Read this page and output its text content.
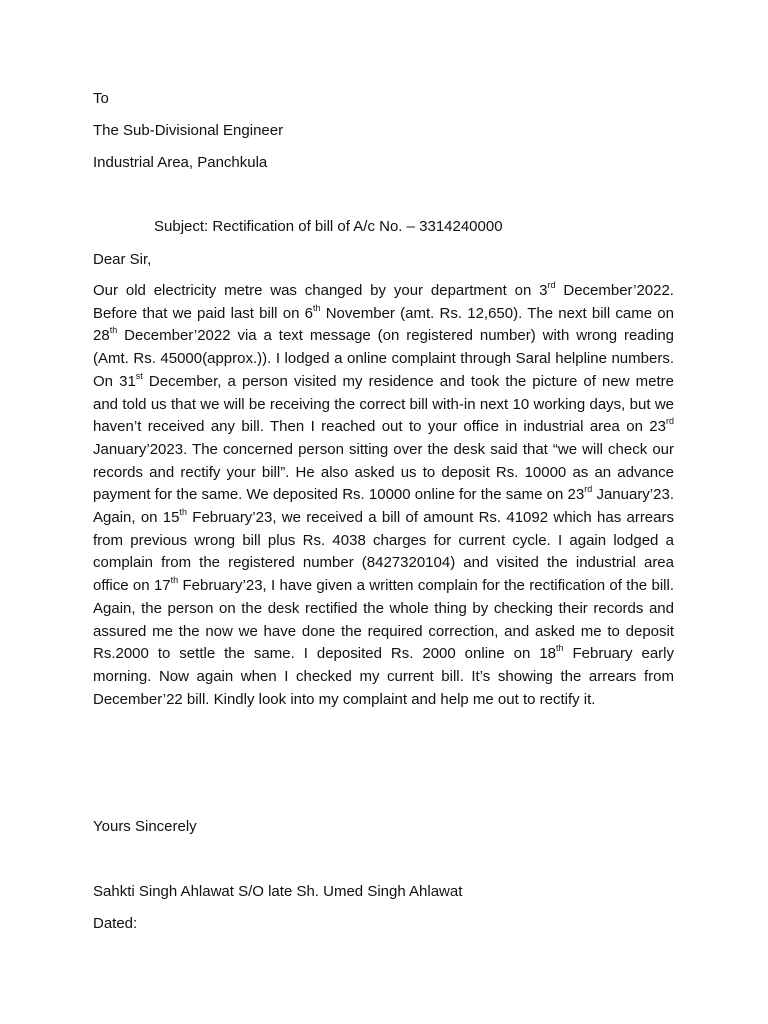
To
The Sub-Divisional Engineer
Industrial Area, Panchkula
Subject: Rectification of bill of A/c No. – 3314240000
Dear Sir,
Our old electricity metre was changed by your department on 3rd December’2022. Before that we paid last bill on 6th November (amt. Rs. 12,650). The next bill came on 28th December’2022 via a text message (on registered number) with wrong reading (Amt. Rs. 45000(approx.)). I lodged a online complaint through Saral helpline numbers. On 31st December, a person visited my residence and took the picture of new metre and told us that we will be receiving the correct bill with-in next 10 working days, but we haven’t received any bill. Then I reached out to your office in industrial area on 23rd January’2023. The concerned person sitting over the desk said that “we will check our records and rectify your bill”. He also asked us to deposit Rs. 10000 as an advance payment for the same. We deposited Rs. 10000 online for the same on 23rd January’23. Again, on 15th February’23, we received a bill of amount Rs. 41092 which has arrears from previous wrong bill plus Rs. 4038 charges for current cycle. I again lodged a complain from the registered number (8427320104) and visited the industrial area office on 17th February’23, I have given a written complain for the rectification of the bill. Again, the person on the desk rectified the whole thing by checking their records and assured me the now we have done the required correction, and asked me to deposit Rs.2000 to settle the same. I deposited Rs. 2000 online on 18th February early morning. Now again when I checked my current bill. It’s showing the arrears from December’22 bill. Kindly look into my complaint and help me out to rectify it.
Yours Sincerely
Sahkti Singh Ahlawat S/O late Sh. Umed Singh Ahlawat
Dated:
